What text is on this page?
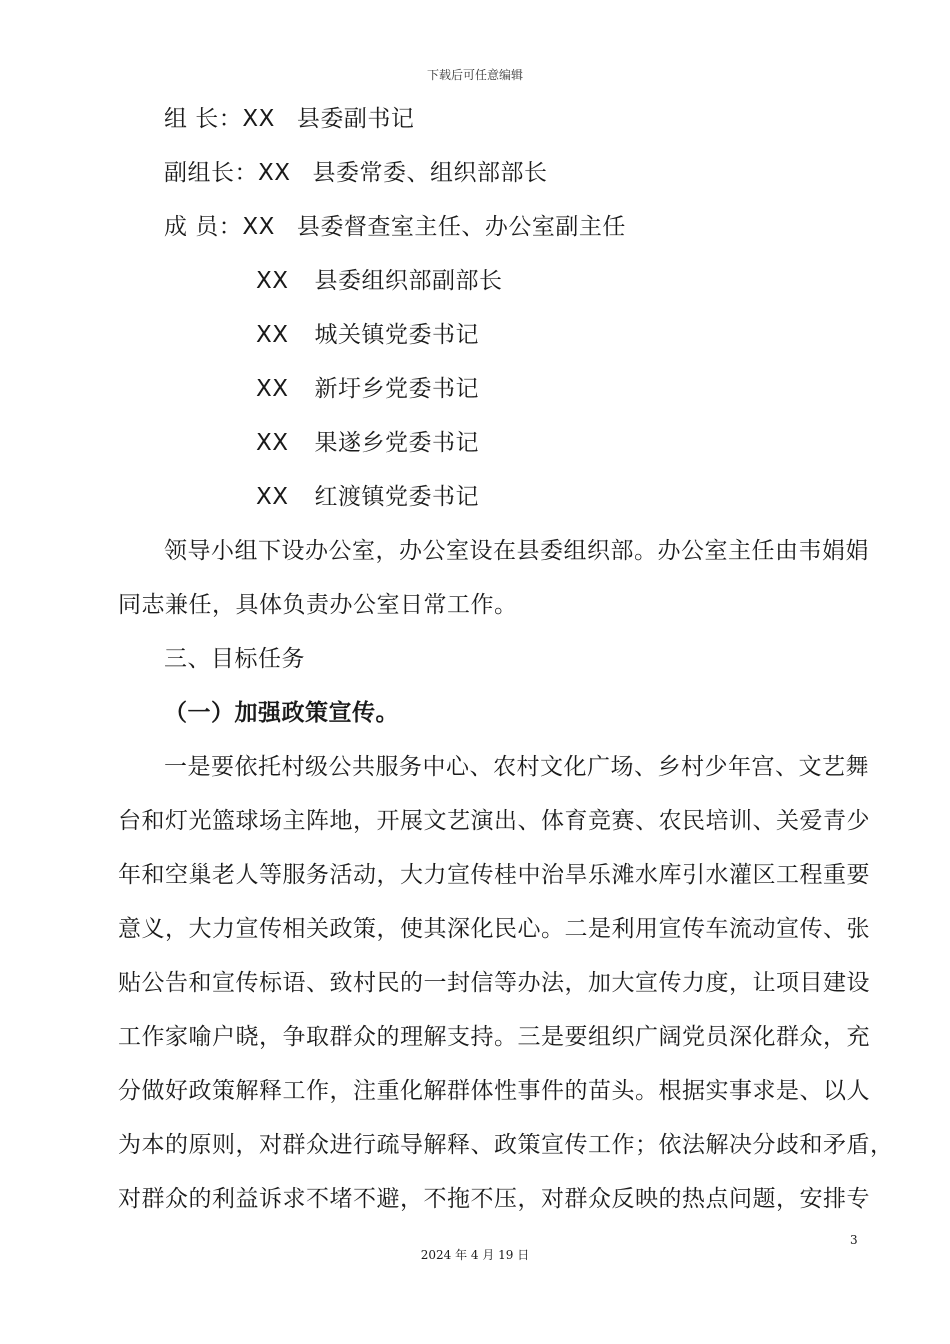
下载后可任意编辑
组 长：XX 县委副书记
副组长：XX 县委常委、组织部部长
成 员：XX 县委督查室主任、办公室副主任
XX 县委组织部副部长
XX 城关镇党委书记
XX 新圩乡党委书记
XX 果遂乡党委书记
XX 红渡镇党委书记
领导小组下设办公室，办公室设在县委组织部。办公室主任由韦娟娟
同志兼任，具体负责办公室日常工作。
三、目标任务
（一）加强政策宣传。
一是要依托村级公共服务中心、农村文化广场、乡村少年宫、文艺舞
台和灯光篮球场主阵地，开展文艺演出、体育竞赛、农民培训、关爱青少
年和空巢老人等服务活动，大力宣传桂中治旱乐滩水库引水灌区工程重要
意义，大力宣传相关政策，使其深化民心。二是利用宣传车流动宣传、张
贴公告和宣传标语、致村民的一封信等办法，加大宣传力度，让项目建设
工作家喻户晓，争取群众的理解支持。三是要组织广阔党员深化群众，充
分做好政策解释工作，注重化解群体性事件的苗头。根据实事求是、以人
为本的原则，对群众进行疏导解释、政策宣传工作；依法解决分歧和矛盾，
对群众的利益诉求不堵不避，不拖不压，对群众反映的热点问题，安排专
3
2024 年 4 月 19 日
